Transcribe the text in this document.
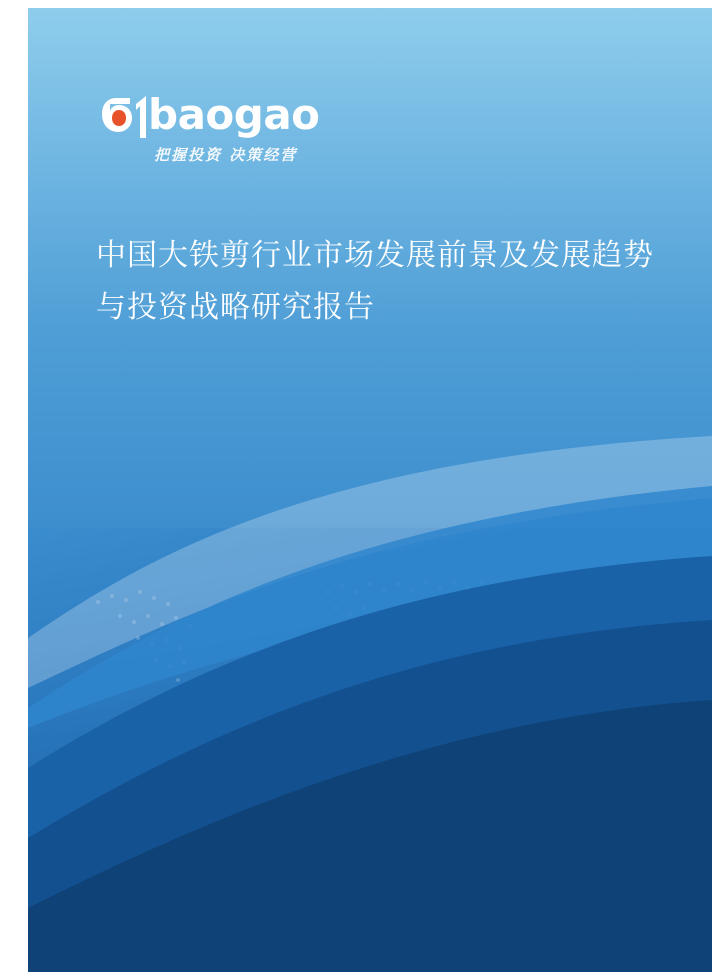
baogao
把握投资 决策经营
中国大铁剪行业市场发展前景及发展趋势与投资战略研究报告
